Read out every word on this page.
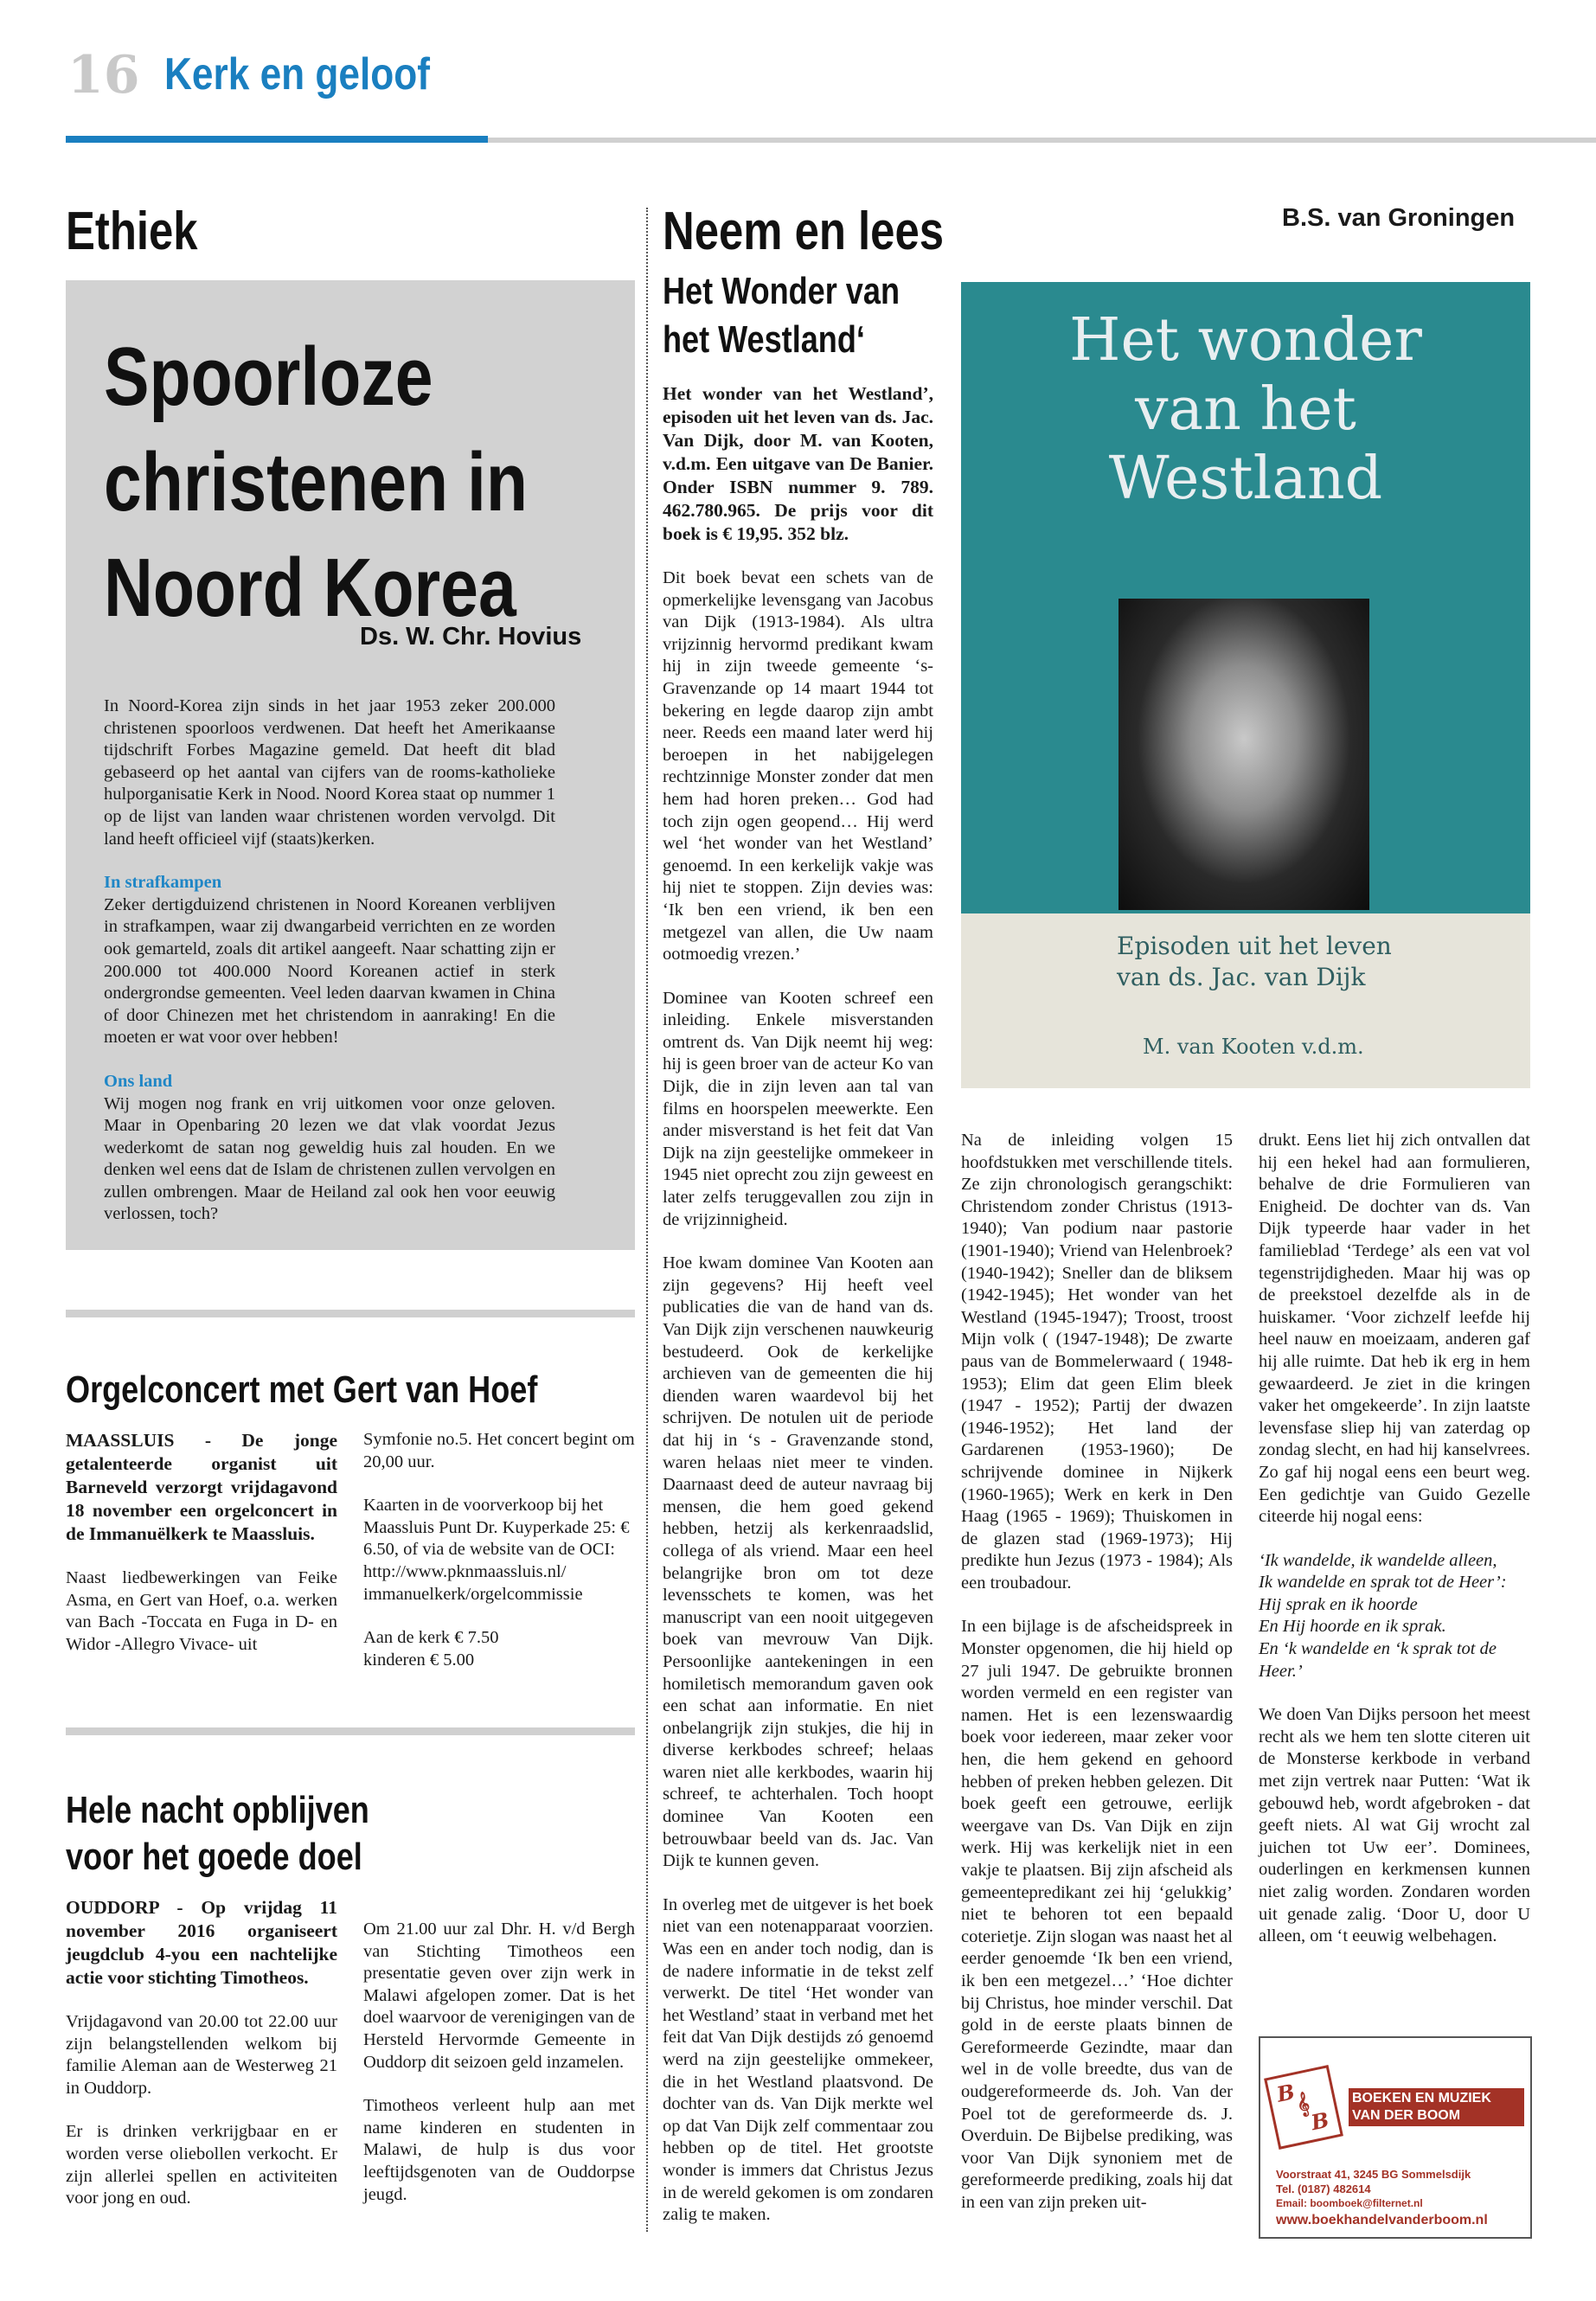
16 Kerk en geloof
Ethiek
Spoorloze christenen in Noord Korea
Ds. W. Chr. Hovius

In Noord-Korea zijn sinds in het jaar 1953 zeker 200.000 christenen spoorloos verdwenen. Dat heeft het Amerikaanse tijdschrift Forbes Magazine gemeld. Dat heeft dit blad gebaseerd op het aantal van cijfers van de rooms-katholieke hulporganisatie Kerk in Nood. Noord Korea staat op nummer 1 op de lijst van landen waar christenen worden vervolgd. Dit land heeft officieel vijf (staats)kerken.

In strafkampen
Zeker dertigduizend christenen in Noord Koreanen verblijven in strafkampen, waar zij dwangarbeid verrichten en ze worden ook gemarteld, zoals dit artikel aangeeft. Naar schatting zijn er 200.000 tot 400.000 Noord Koreanen actief in sterk ondergrondse gemeenten. Veel leden daarvan kwamen in China of door Chinezen met het christendom in aanraking! En die moeten er wat voor over hebben!

Ons land
Wij mogen nog frank en vrij uitkomen voor onze geloven. Maar in Openbaring 20 lezen we dat vlak voordat Jezus wederkomt de satan nog geweldig huis zal houden. En we denken wel eens dat de Islam de christenen zullen vervolgen en zullen ombrengen. Maar de Heiland zal ook hen voor eeuwig verlossen, toch?

Orgelconcert met Gert van Hoef

MAASSLUIS - De jonge getalenteerde organist uit Barneveld verzorgt vrijdagavond 18 november een orgelconcert in de Immanuëlkerk te Maassluis.

Naast liedbewerkingen van Feike Asma, en Gert van Hoef, o.a. werken van Bach -Toccata en Fuga in D- en Widor -Allegro Vivace- uit

Symfonie no.5. Het concert begint om 20,00 uur.

Kaarten in de voorverkoop bij het Maassluis Punt Dr. Kuyperkade 25: € 6.50, of via de website van de OCI: http://www.pknmaassluis.nl/ immanuelkerk/orgelcommissie

Aan de kerk € 7.50
kinderen € 5.00

Hele nacht opblijven
voor het goede doel

OUDDORP - Op vrijdag 11 november 2016 organiseert jeugdclub 4-you een nachtelijke actie voor stichting Timotheos.

Vrijdagavond van 20.00 tot 22.00 uur zijn belangstellenden welkom bij familie Aleman aan de Westerweg 21 in Ouddorp.

Er is drinken verkrijgbaar en er worden verse oliebollen verkocht. Er zijn allerlei spellen en activiteiten voor jong en oud.

Om 21.00 uur zal Dhr. H. v/d Bergh van Stichting Timotheos een presentatie geven over zijn werk in Malawi afgelopen zomer. Dat is het doel waarvoor de verenigingen van de Hersteld Hervormde Gemeente in Ouddorp dit seizoen geld inzamelen.

Timotheos verleent hulp aan met name kinderen en studenten in Malawi, de hulp is dus voor leeftijdsgenoten van de Ouddorpse jeugd.

Neem en lees	B.S. van Groningen
Het Wonder van
het Westland‘

Het wonder van het Westland’, episoden uit het leven van ds. Jac. Van Dijk, door M. van Kooten, v.d.m. Een uitgave van De Banier. Onder ISBN nummer 9. 789. 462.780.965. De prijs voor dit boek is € 19,95. 352 blz.

Dit boek bevat een schets van de opmerkelijke levensgang van Jacobus van Dijk (1913-1984). Als ultra vrijzinnig hervormd predikant kwam hij in zijn tweede gemeente ‘s-Gravenzande op 14 maart 1944 tot bekering en legde daarop zijn ambt neer. Reeds een maand later werd hij beroepen in het nabijgelegen rechtzinnige Monster zonder dat men hem had horen preken… God had toch zijn ogen geopend… Hij werd wel ‘het wonder van het Westland’ genoemd. In een kerkelijk vakje was hij niet te stoppen. Zijn devies was: ‘Ik ben een vriend, ik ben een metgezel van allen, die Uw naam ootmoedig vrezen.’

Dominee van Kooten schreef een inleiding. Enkele misverstanden omtrent ds. Van Dijk neemt hij weg: hij is geen broer van de acteur Ko van Dijk, die in zijn leven aan tal van films en hoorspelen meewerkte. Een ander misverstand is het feit dat Van Dijk na zijn geestelijke ommekeer in 1945 niet oprecht zou zijn geweest en later zelfs teruggevallen zou zijn in de vrijzinnigheid.

Hoe kwam dominee Van Kooten aan zijn gegevens? Hij heeft veel publicaties die van de hand van ds. Van Dijk zijn verschenen nauwkeurig bestudeerd. Ook de kerkelijke archieven van de gemeenten die hij dienden waren waardevol bij het schrijven. De notulen uit de periode dat hij in ‘s - Gravenzande stond, waren helaas niet meer te vinden. Daarnaast deed de auteur navraag bij mensen, die hem goed gekend hebben, hetzij als kerkenraadslid, collega of als vriend. Maar een heel belangrijke bron om tot deze levensschets te komen, was het manuscript van een nooit uitgegeven boek van mevrouw Van Dijk. Persoonlijke aantekeningen in een homiletisch memorandum gaven ook een schat aan informatie. En niet onbelangrijk zijn stukjes, die hij in diverse kerkbodes schreef; helaas waren niet alle kerkbodes, waarin hij schreef, te achterhalen. Toch hoopt dominee Van Kooten een betrouwbaar beeld van ds. Jac. Van Dijk te kunnen geven.

In overleg met de uitgever is het boek niet van een notenapparaat voorzien. Was een en ander toch nodig, dan is de nadere informatie in de tekst zelf verwerkt. De titel ‘Het wonder van het Westland’ staat in verband met het feit dat Van Dijk destijds zó genoemd werd na zijn geestelijke ommekeer, die in het Westland plaatsvond. De dochter van ds. Van Dijk merkte wel op dat Van Dijk zelf commentaar zou hebben op de titel. Het grootste wonder is immers dat Christus Jezus in de wereld gekomen is om zondaren zalig te maken.

Het wonder
van het
Westland
Episoden uit het leven
van ds. Jac. van Dijk
M. van Kooten v.d.m.

Na de inleiding volgen 15 hoofdstukken met verschillende titels. Ze zijn chronologisch gerangschikt: Christendom zonder Christus (1913-1940); Van podium naar pastorie (1901-1940); Vriend van Helenbroek? (1940-1942); Sneller dan de bliksem (1942-1945); Het wonder van het Westland (1945-1947); Troost, troost Mijn volk ( (1947-1948); De zwarte paus van de Bommelerwaard ( 1948-1953); Elim dat geen Elim bleek (1947 - 1952); Partij der dwazen (1946-1952); Het land der Gardarenen (1953-1960); De schrijvende dominee in Nijkerk (1960-1965); Werk en kerk in Den Haag (1965 - 1969); Thuiskomen in de glazen stad (1969-1973); Hij predikte hun Jezus (1973 - 1984); Als een troubadour.

In een bijlage is de afscheidspreek in Monster opgenomen, die hij hield op 27 juli 1947. De gebruikte bronnen worden vermeld en een register van namen. Het is een lezenswaardig boek voor iedereen, maar zeker voor hen, die hem gekend en gehoord hebben of preken hebben gelezen. Dit boek geeft een getrouwe, eerlijk weergave van Ds. Van Dijk en zijn werk. Hij was kerkelijk niet in een vakje te plaatsen. Bij zijn afscheid als gemeentepredikant zei hij ‘gelukkig’ niet te behoren tot een bepaald coterietje. Zijn slogan was naast het al eerder genoemde ‘Ik ben een vriend, ik ben een metgezel…’ ‘Hoe dichter bij Christus, hoe minder verschil. Dat gold in de eerste plaats binnen de Gereformeerde Gezindte, maar dan wel in de volle breedte, dus van de oudgereformeerde ds. Joh. Van der Poel tot de gereformeerde ds. J. Overduin. De Bijbelse prediking, was voor Van Dijk synoniem met de gereformeerde prediking, zoals hij dat in een van zijn preken uit-

drukt. Eens liet hij zich ontvallen dat hij een hekel had aan formulieren, behalve de drie Formulieren van Enigheid. De dochter van ds. Van Dijk typeerde haar vader in het familieblad ‘Terdege’ als een vat vol tegenstrijdigheden. Maar hij was op de preekstoel dezelfde als in de huiskamer. ‘Voor zichzelf leefde hij heel nauw en moeizaam, anderen gaf hij alle ruimte. Dat heb ik erg in hem gewaardeerd. Je ziet in die kringen vaker het omgekeerde’. In zijn laatste levensfase sliep hij van zaterdag op zondag slecht, en had hij kanselvrees. Zo gaf hij nogal eens een beurt weg. Een gedichtje van Guido Gezelle citeerde hij nogal eens:

‘Ik wandelde, ik wandelde alleen,
Ik wandelde en sprak tot de Heer’:
Hij sprak en ik hoorde
En Hij hoorde en ik sprak.
En ‘k wandelde en ‘k sprak tot de Heer.’

We doen Van Dijks persoon het meest recht als we hem ten slotte citeren uit de Monsterse kerkbode in verband met zijn vertrek naar Putten: ‘Wat ik gebouwd heb, wordt afgebroken - dat geeft niets. Al wat Gij wrocht zal juichen tot Uw eer’. Dominees, ouderlingen en kerkmensen kunnen niet zalig worden. Zondaren worden uit genade zalig. ‘Door U, door U alleen, om ‘t eeuwig welbehagen.

B
𝄞
B
BOEKEN EN MUZIEK
VAN DER BOOM
Voorstraat 41, 3245 BG Sommelsdijk
Tel. (0187) 482614
Email: boomboek@filternet.nl
www.boekhandelvanderboom.nl
